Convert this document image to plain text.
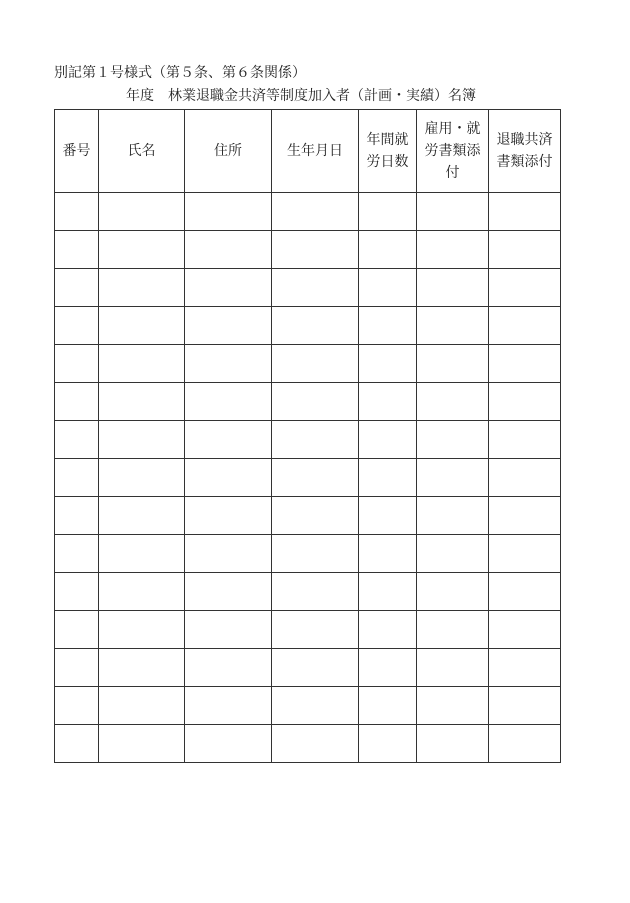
別記第１号様式（第５条、第６条関係）
年度 林業退職金共済等制度加入者（計画・実績）名簿
番号	氏名	住所	生年月日	年間就労日数	雇用・就労書類添付	退職共済書類添付
